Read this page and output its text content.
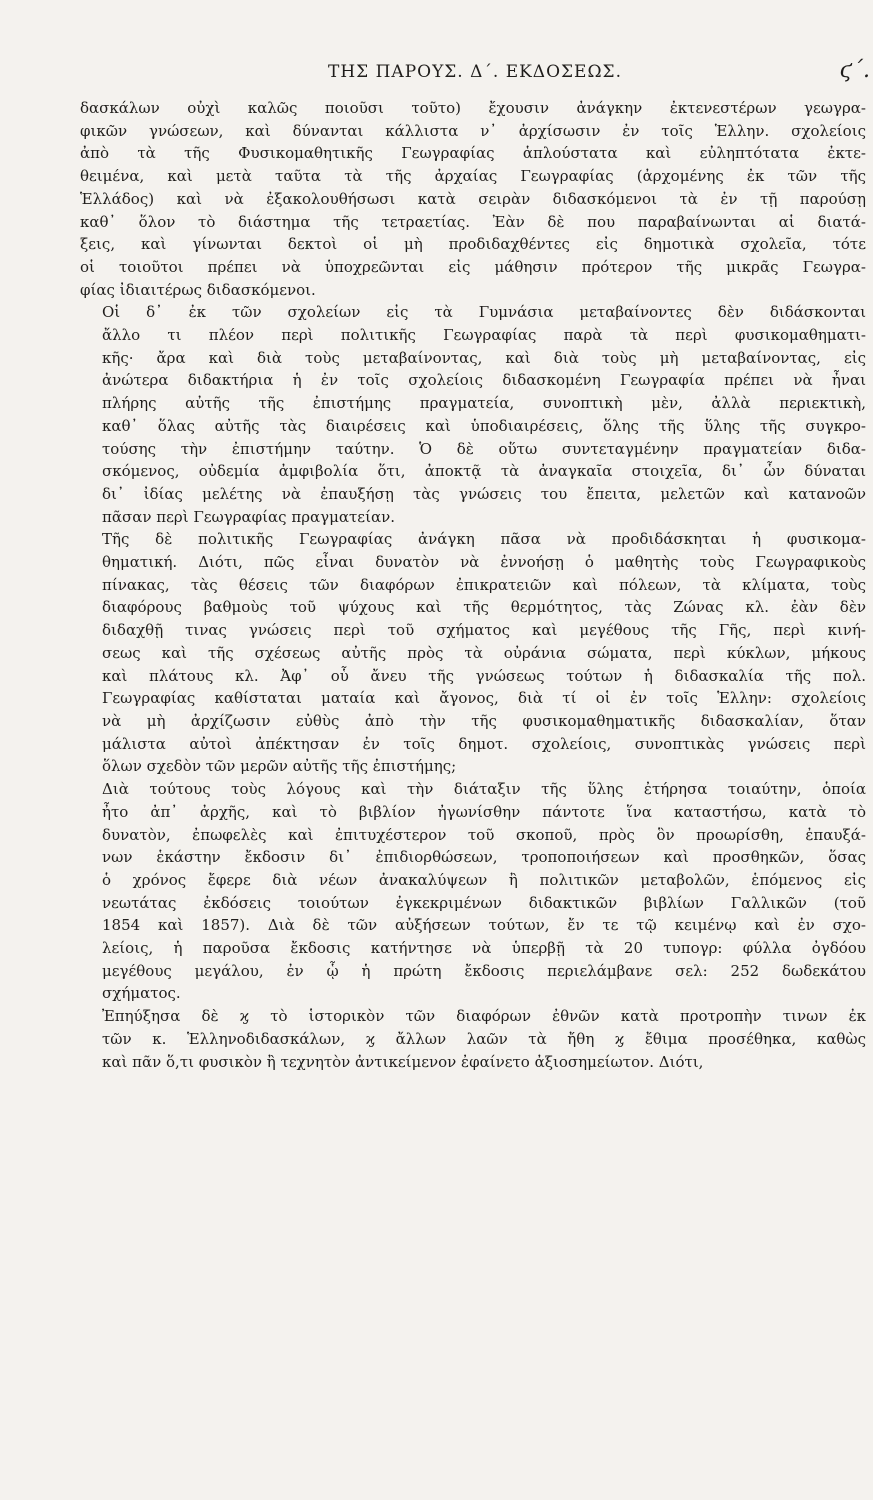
ΤΗΣ ΠΑΡΟΥΣ. Δ΄. ΕΚΔΟΣΕΩΣ.	ϛ΄.
δασκάλων οὐχὶ καλῶς ποιοῦσι τοῦτο) ἔχουσιν ἀνάγκην ἐκτενεστέρων γεωγρα-
φικῶν γνώσεων, καὶ δύνανται κάλλιστα ν᾽ ἀρχίσωσιν ἐν τοῖς Ἑλλην. σχολείοις
ἀπὸ τὰ τῆς Φυσικομαθητικῆς Γεωγραφίας ἁπλούστατα καὶ εὐληπτότατα ἐκτε-
θειμένα, καὶ μετὰ ταῦτα τὰ τῆς ἀρχαίας Γεωγραφίας (ἀρχομένης ἐκ τῶν τῆς
Ἑλλάδος) καὶ νὰ ἐξακολουθήσωσι κατὰ σειρὰν διδασκόμενοι τὰ ἐν τῇ παρούσῃ
καθ᾽ ὅλον τὸ διάστημα τῆς τετραετίας. Ἐὰν δὲ που παραβαίνωνται αἱ διατά-
ξεις, καὶ γίνωνται δεκτοὶ οἱ μὴ προδιδαχθέντες εἰς δημοτικὰ σχολεῖα, τότε
οἱ τοιοῦτοι πρέπει νὰ ὑποχρεῶνται εἰς μάθησιν πρότερον τῆς μικρᾶς Γεωγρα-
φίας ἰδιαιτέρως διδασκόμενοι.
Οἱ δ᾽ ἐκ τῶν σχολείων εἰς τὰ Γυμνάσια μεταβαίνοντες δὲν διδάσκονται
ἄλλο τι πλέον περὶ πολιτικῆς Γεωγραφίας παρὰ τὰ περὶ φυσικομαθηματι-
κῆς· ἄρα καὶ διὰ τοὺς μεταβαίνοντας, καὶ διὰ τοὺς μὴ μεταβαίνοντας, εἰς
ἀνώτερα διδακτήρια ἡ ἐν τοῖς σχολείοις διδασκομένη Γεωγραφία πρέπει νὰ ἦναι
πλήρης αὐτῆς τῆς ἐπιστήμης πραγματεία, συνοπτικὴ μὲν, ἀλλὰ περιεκτικὴ,
καθ᾽ ὅλας αὐτῆς τὰς διαιρέσεις καὶ ὑποδιαιρέσεις, ὅλης τῆς ὕλης τῆς συγκρο-
τούσης τὴν ἐπιστήμην ταύτην. Ὁ δὲ οὕτω συντεταγμένην πραγματείαν διδα-
σκόμενος, οὐδεμία ἀμφιβολία ὅτι, ἀποκτᾷ τὰ ἀναγκαῖα στοιχεῖα, δι᾽ ὧν δύναται
δι᾽ ἰδίας μελέτης νὰ ἐπαυξήσῃ τὰς γνώσεις του ἔπειτα, μελετῶν καὶ κατανοῶν
πᾶσαν περὶ Γεωγραφίας πραγματείαν.
Τῆς δὲ πολιτικῆς Γεωγραφίας ἀνάγκη πᾶσα νὰ προδιδάσκηται ἡ φυσικομα-
θηματική. Διότι, πῶς εἶναι δυνατὸν νὰ ἐννοήσῃ ὁ μαθητὴς τοὺς Γεωγραφικοὺς
πίνακας, τὰς θέσεις τῶν διαφόρων ἐπικρατειῶν καὶ πόλεων, τὰ κλίματα, τοὺς
διαφόρους βαθμοὺς τοῦ ψύχους καὶ τῆς θερμότητος, τὰς Ζώνας κλ. ἐὰν δὲν
διδαχθῇ τινας γνώσεις περὶ τοῦ σχήματος καὶ μεγέθους τῆς Γῆς, περὶ κινή-
σεως καὶ τῆς σχέσεως αὐτῆς πρὸς τὰ οὐράνια σώματα, περὶ κύκλων, μήκους
καὶ πλάτους κλ. Ἀφ᾽ οὗ ἄνευ τῆς γνώσεως τούτων ἡ διδασκαλία τῆς πολ.
Γεωγραφίας καθίσταται ματαία καὶ ἄγονος, διὰ τί οἱ ἐν τοῖς Ἑλλην: σχολείοις
νὰ μὴ ἀρχίζωσιν εὐθὺς ἀπὸ τὴν τῆς φυσικομαθηματικῆς διδασκαλίαν, ὅταν
μάλιστα αὐτοὶ ἀπέκτησαν ἐν τοῖς δημοτ. σχολείοις, συνοπτικὰς γνώσεις περὶ
ὅλων σχεδὸν τῶν μερῶν αὐτῆς τῆς ἐπιστήμης;
Διὰ τούτους τοὺς λόγους καὶ τὴν διάταξιν τῆς ὕλης ἐτήρησα τοιαύτην, ὁποία
ἦτο ἀπ᾽ ἀρχῆς, καὶ τὸ βιβλίον ἠγωνίσθην πάντοτε ἵνα καταστήσω, κατὰ τὸ
δυνατὸν, ἐπωφελὲς καὶ ἐπιτυχέστερον τοῦ σκοποῦ, πρὸς ὃν προωρίσθη, ἐπαυξά-
νων ἑκάστην ἔκδοσιν δι᾽ ἐπιδιορθώσεων, τροποποιήσεων καὶ προσθηκῶν, ὅσας
ὁ χρόνος ἔφερε διὰ νέων ἀνακαλύψεων ἢ πολιτικῶν μεταβολῶν, ἑπόμενος εἰς
νεωτάτας ἐκδόσεις τοιούτων ἐγκεκριμένων διδακτικῶν βιβλίων Γαλλικῶν (τοῦ
1854 καὶ 1857). Διὰ δὲ τῶν αὐξήσεων τούτων, ἔν τε τῷ κειμένῳ καὶ ἐν σχο-
λείοις, ἡ παροῦσα ἔκδοσις κατήντησε νὰ ὑπερβῇ τὰ 20 τυπογρ: φύλλα ὀγδόου
μεγέθους μεγάλου, ἐν ᾧ ἡ πρώτη ἔκδοσις περιελάμβανε σελ: 252 δωδεκάτου
σχήματος.
Ἐπηύξησα δὲ ϗ τὸ ἱστορικὸν τῶν διαφόρων ἐθνῶν κατὰ προτροπὴν τινων ἐκ
τῶν κ. Ἑλληνοδιδασκάλων, ϗ ἄλλων λαῶν τὰ ἤθη ϗ ἔθιμα προσέθηκα, καθὼς
καὶ πᾶν ὅ,τι φυσικὸν ἢ τεχνητὸν ἀντικείμενον ἐφαίνετο ἀξιοσημείωτον. Διότι,
